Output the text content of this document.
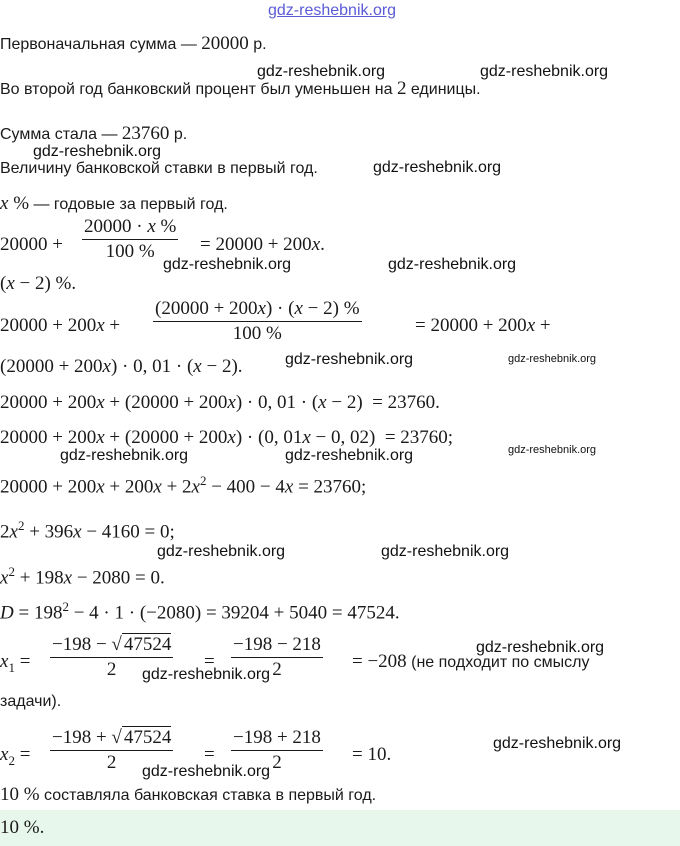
gdz-reshebnik.org
gdz-reshebnik.org	gdz-reshebnik.org
gdz-reshebnik.org
gdz-reshebnik.org
gdz-reshebnik.org	gdz-reshebnik.org
gdz-reshebnik.org	gdz-reshebnik.org
gdz-reshebnik.org
gdz-reshebnik.org	gdz-reshebnik.org
gdz-reshebnik.org	gdz-reshebnik.org
gdz-reshebnik.org
gdz-reshebnik.org
gdz-reshebnik.org
gdz-reshebnik.org
Первоначальная сумма — 20000 р.
Во второй год банковский процент был уменьшен на 2 единицы.
Сумма стала — 23760 р.
Величину банковской ставки в первый год.
x % — годовые за первый год.
20000 +
20000 · x %
100 %	= 20000 + 200x.
(x − 2) %.
20000 + 200x +
(20000 + 200x) · (x − 2) %
100 %	= 20000 + 200x +
(20000 + 200x) · 0, 01 · (x − 2).
20000 + 200x + (20000 + 200x) · 0, 01 · (x − 2)  = 23760.
20000 + 200x + (20000 + 200x) · (0, 01x − 0, 02)  = 23760;
$20000 + 200x + 200x + 2x^2 - 400 - 4x = 23760$;
$2x^2 + 396x - 4160 = 0$;
$x^2 + 198x - 2080 = 0$.
$D = 198^2 - 4 \cdot 1 \cdot (-2080) = 39204 + 5040 = 47524$.
$x_1$ =
−198 − √ 47524
2	=
−198 − 218
2	= −208 (не подходит по смыслу
задачи).
$x_2$ =
−198 + √ 47524
2	=
−198 + 218
2	= 10.
10 % составляла банковская ставка в первый год.
10 %.
